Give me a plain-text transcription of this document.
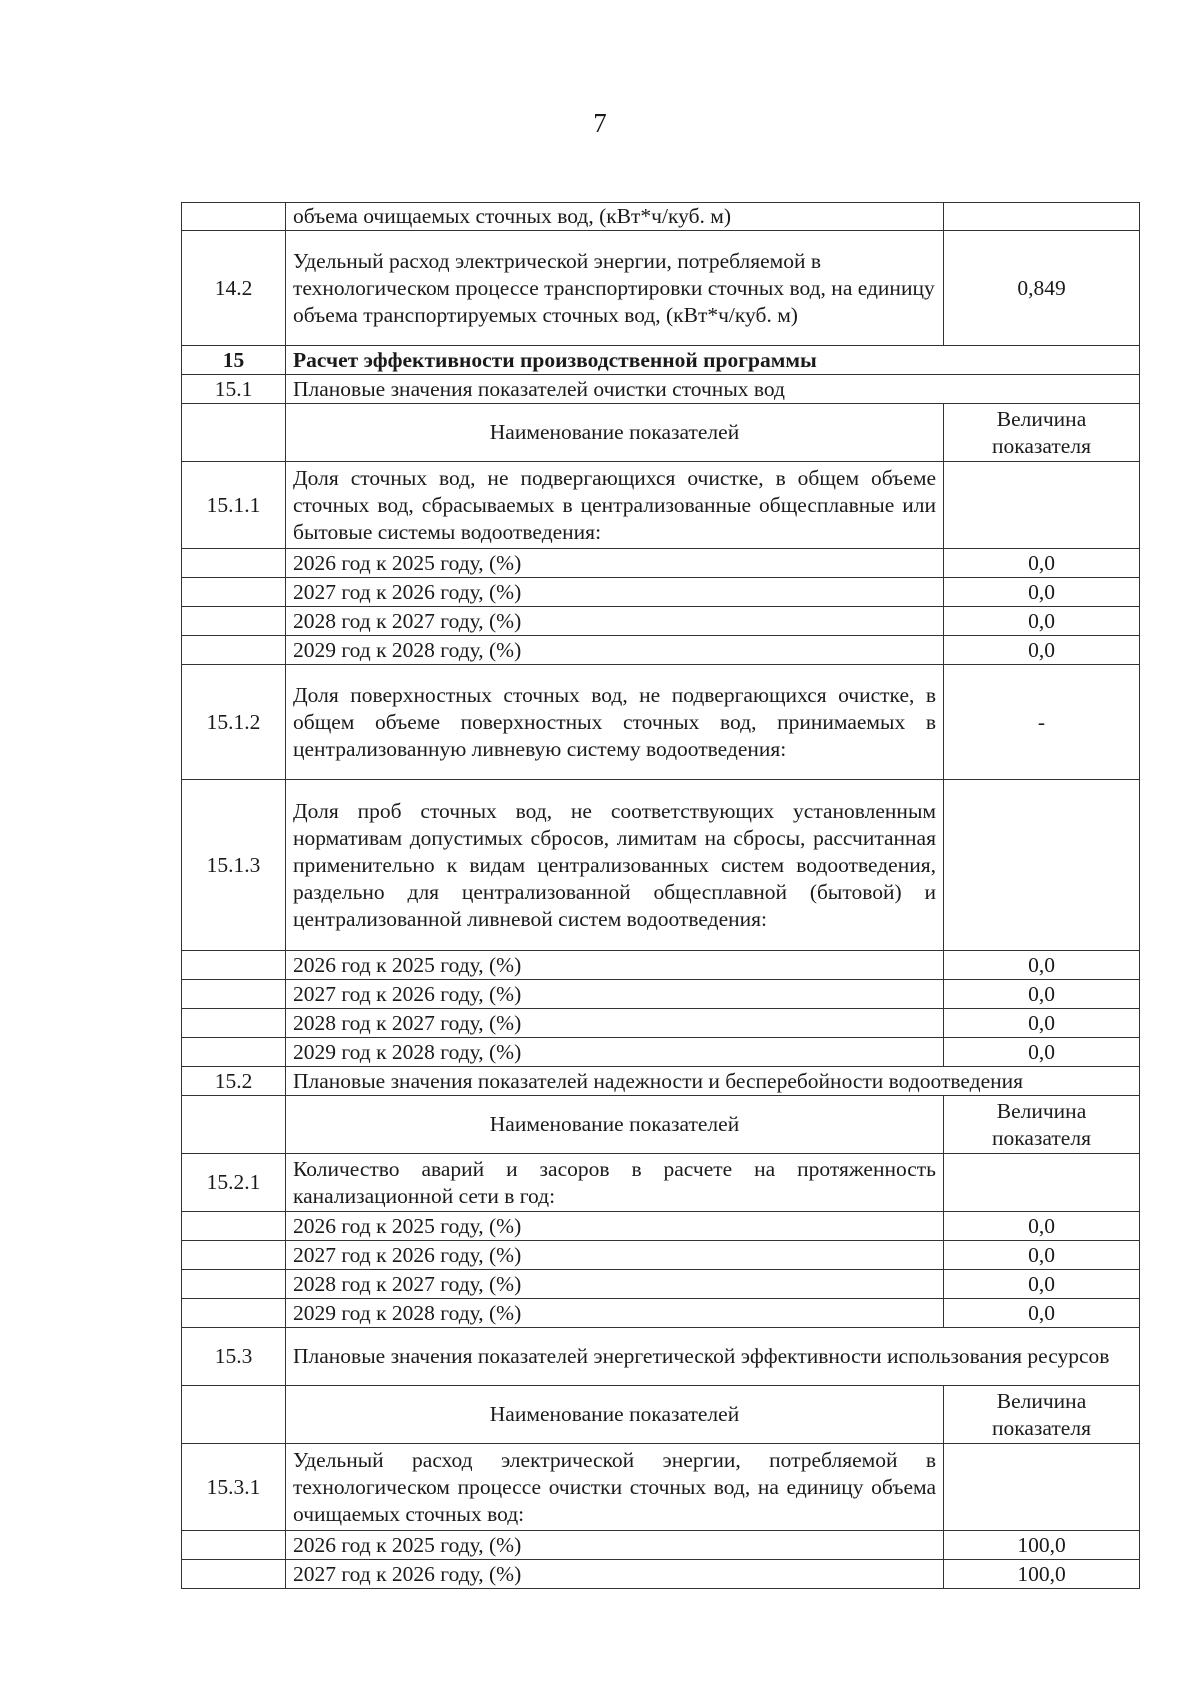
7
	объема очищаемых сточных вод, (кВт*ч/куб. м)	
14.2	Удельный расход электрической энергии, потребляемой в технологическом процессе транспортировки сточных вод, на единицу объема транспортируемых сточных вод, (кВт*ч/куб. м)	0,849
15	Расчет эффективности производственной программы	
15.1	Плановые значения показателей очистки сточных вод	
	Наименование показателей	Величина показателя
15.1.1	Доля сточных вод, не подвергающихся очистке, в общем объеме сточных вод, сбрасываемых в централизованные общесплавные или бытовые системы водоотведения:	
	2026 год к 2025 году, (%)	0,0
	2027 год к 2026 году, (%)	0,0
	2028 год к 2027 году, (%)	0,0
	2029 год к 2028 году, (%)	0,0
15.1.2	Доля поверхностных сточных вод, не подвергающихся очистке, в общем объеме поверхностных сточных вод, принимаемых в централизованную ливневую систему водоотведения:	-
15.1.3	Доля проб сточных вод, не соответствующих установленным нормативам допустимых сбросов, лимитам на сбросы, рассчитанная применительно к видам централизованных систем водоотведения, раздельно для централизованной общесплавной (бытовой) и централизованной ливневой систем водоотведения:	
	2026 год к 2025 году, (%)	0,0
	2027 год к 2026 году, (%)	0,0
	2028 год к 2027 году, (%)	0,0
	2029 год к 2028 году, (%)	0,0
15.2	Плановые значения показателей надежности и бесперебойности водоотведения	
	Наименование показателей	Величина показателя
15.2.1	Количество аварий и засоров в расчете на протяженность канализационной сети в год:	
	2026 год к 2025 году, (%)	0,0
	2027 год к 2026 году, (%)	0,0
	2028 год к 2027 году, (%)	0,0
	2029 год к 2028 году, (%)	0,0
15.3	Плановые значения показателей энергетической эффективности использования ресурсов	
	Наименование показателей	Величина показателя
15.3.1	Удельный расход электрической энергии, потребляемой в технологическом процессе очистки сточных вод, на единицу объема очищаемых сточных вод:	
	2026 год к 2025 году, (%)	100,0
	2027 год к 2026 году, (%)	100,0
